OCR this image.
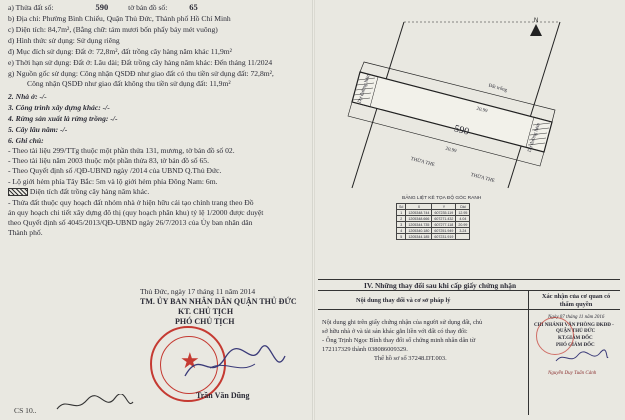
a) Thửa đất số:	590	tờ bản đồ số:	65
b) Địa chỉ: Phường Bình Chiểu, Quận Thủ Đức, Thành phố Hồ Chí Minh
c) Diện tích: 84,7m², (Bằng chữ: tám mươi bốn phẩy bảy mét vuông)
d) Hình thức sử dụng: Sử dụng riêng
đ) Mục đích sử dụng: Đất ở: 72,8m², đất trồng cây hàng năm khác 11,9m²
e) Thời hạn sử dụng: Đất ở: Lâu dài; Đất trồng cây hàng năm khác: Đến tháng 11/2024
g) Nguồn gốc sử dụng: Công nhận QSDĐ như giao đất có thu tiền sử dụng đất: 72,8m²,
Công nhận QSDĐ như giao đất không thu tiền sử dụng đất: 11,9m²
2. Nhà ở: -/-
3. Công trình xây dựng khác: -/-
4. Rừng sản xuất là rừng trồng: -/-
5. Cây lâu năm: -/-
6. Ghi chú:
- Theo tài liệu 299/TTg thuộc một phần thửa 131, mương, tờ bản đồ số 02.
- Theo tài liệu năm 2003 thuộc một phần thửa 83, tờ bản đồ số 65.
- Theo Quyết định số /QĐ-UBND ngày /2014 của UBND Q.Thủ Đức.
- Lộ giới hẻm phía Tây Bắc: 5m và lộ giới hẻm phía Đông Nam: 6m.
Diện tích đất trồng cây hàng năm khác.
- Thửa đất thuộc quy hoạch đất nhóm nhà ở hiện hữu cải tạo chỉnh trang theo Đồ
án quy hoạch chi tiết xây dựng đô thị (quy hoạch phân khu) tỷ lệ 1/2000 được duyệt
theo Quyết định số 4045/2013/QĐ-UBND ngày 26/7/2013 của Ủy ban nhân dân
Thành phố.
Thủ Đức, ngày 17 tháng 11 năm 2014
TM. ỦY BAN NHÂN DÂN QUẬN THỦ ĐỨC
KT. CHỦ TỊCH
PHÓ CHỦ TỊCH
★
Trần Văn Dũng
CS 10..
N
Đất trống
590
Dự đường hẻm
Dự đường hẻm
THỬA THE
THỬA THE
20.99
20.99
BẢNG LIỆT KÊ TỌA ĐỘ GÓC RANH
Số	X	Y	Dài
1	1205348.744	607235.119	12.95
2	1205348.666	607271.432	4.04
3	1205344.735	607277.118	20.99
4	1205340.180	607251.949	3.24
5	1205344.185	607231.919	
IV. Những thay đổi sau khi cấp giấy chứng nhận
Nội dung thay đổi và cơ sở pháp lý
Xác nhận của cơ quan có thẩm quyền
Nội dung ghi trên giấy chứng nhận của người sử dụng đất, chủ
sở hữu nhà ở và tài sản khác gắn liền với đất có thay đổi:
- Ông Trịnh Ngọc Bình thay đổi số chứng minh nhân dân từ
172117329 thành 038086009329.
Thể hồ sơ số 37248.DT.003.
Ngày 07 tháng 11 năm 2016
CHI NHÁNH VĂN PHÒNG ĐKĐĐ -
QUẬN THỦ ĐỨC
KT.GIÁM ĐỐC
PHÓ GIÁM ĐỐC
Nguyễn Duy Tuấn Cảnh
